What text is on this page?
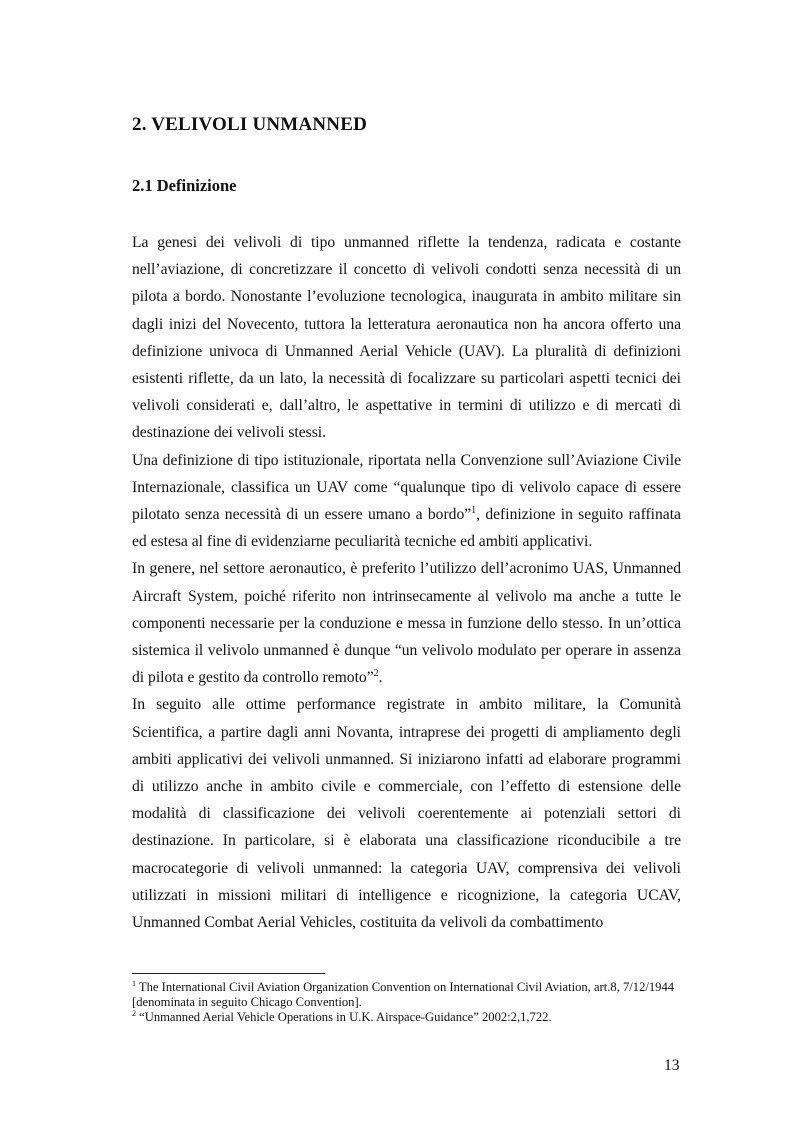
2. VELIVOLI UNMANNED
2.1 Definizione

La genesi dei velivoli di tipo unmanned riflette la tendenza, radicata e costante nell’aviazione, di concretizzare il concetto di velivoli condotti senza necessità di un pilota a bordo. Nonostante l’evoluzione tecnologica, inaugurata in ambito militare sin dagli inizi del Novecento, tuttora la letteratura aeronautica non ha ancora offerto una definizione univoca di Unmanned Aerial Vehicle (UAV). La pluralità di definizioni esistenti riflette, da un lato, la necessità di focalizzare su particolari aspetti tecnici dei velivoli considerati e, dall’altro, le aspettative in termini di utilizzo e di mercati di destinazione dei velivoli stessi.

Una definizione di tipo istituzionale, riportata nella Convenzione sull’Aviazione Civile Internazionale, classifica un UAV come “qualunque tipo di velivolo capace di essere pilotato senza necessità di un essere umano a bordo”$^1$, definizione in seguito raffinata ed estesa al fine di evidenziarne peculiarità tecniche ed ambiti applicativi.

In genere, nel settore aeronautico, è preferito l’utilizzo dell’acronimo UAS, Unmanned Aircraft System, poiché riferito non intrinsecamente al velivolo ma anche a tutte le componenti necessarie per la conduzione e messa in funzione dello stesso. In un’ottica sistemica il velivolo unmanned è dunque “un velivolo modulato per operare in assenza di pilota e gestito da controllo remoto”$^2$.

In seguito alle ottime performance registrate in ambito militare, la Comunità Scientifica, a partire dagli anni Novanta, intraprese dei progetti di ampliamento degli ambiti applicativi dei velivoli unmanned. Si iniziarono infatti ad elaborare programmi di utilizzo anche in ambito civile e commerciale, con l’effetto di estensione delle modalità di classificazione dei velivoli coerentemente ai potenziali settori di destinazione. In particolare, si è elaborata una classificazione riconducibile a tre macrocategorie di velivoli unmanned: la categoria UAV, comprensiva dei velivoli utilizzati in missioni militari di intelligence e ricognizione, la categoria UCAV, Unmanned Combat Aerial Vehicles, costituita da velivoli da combattimento

$^1$ The International Civil Aviation Organization Convention on International Civil Aviation, art.8, 7/12/1944 [denominata in seguito Chicago Convention].

$^2$ “Unmanned Aerial Vehicle Operations in U.K. Airspace-Guidance” 2002:2,1,722.

13
